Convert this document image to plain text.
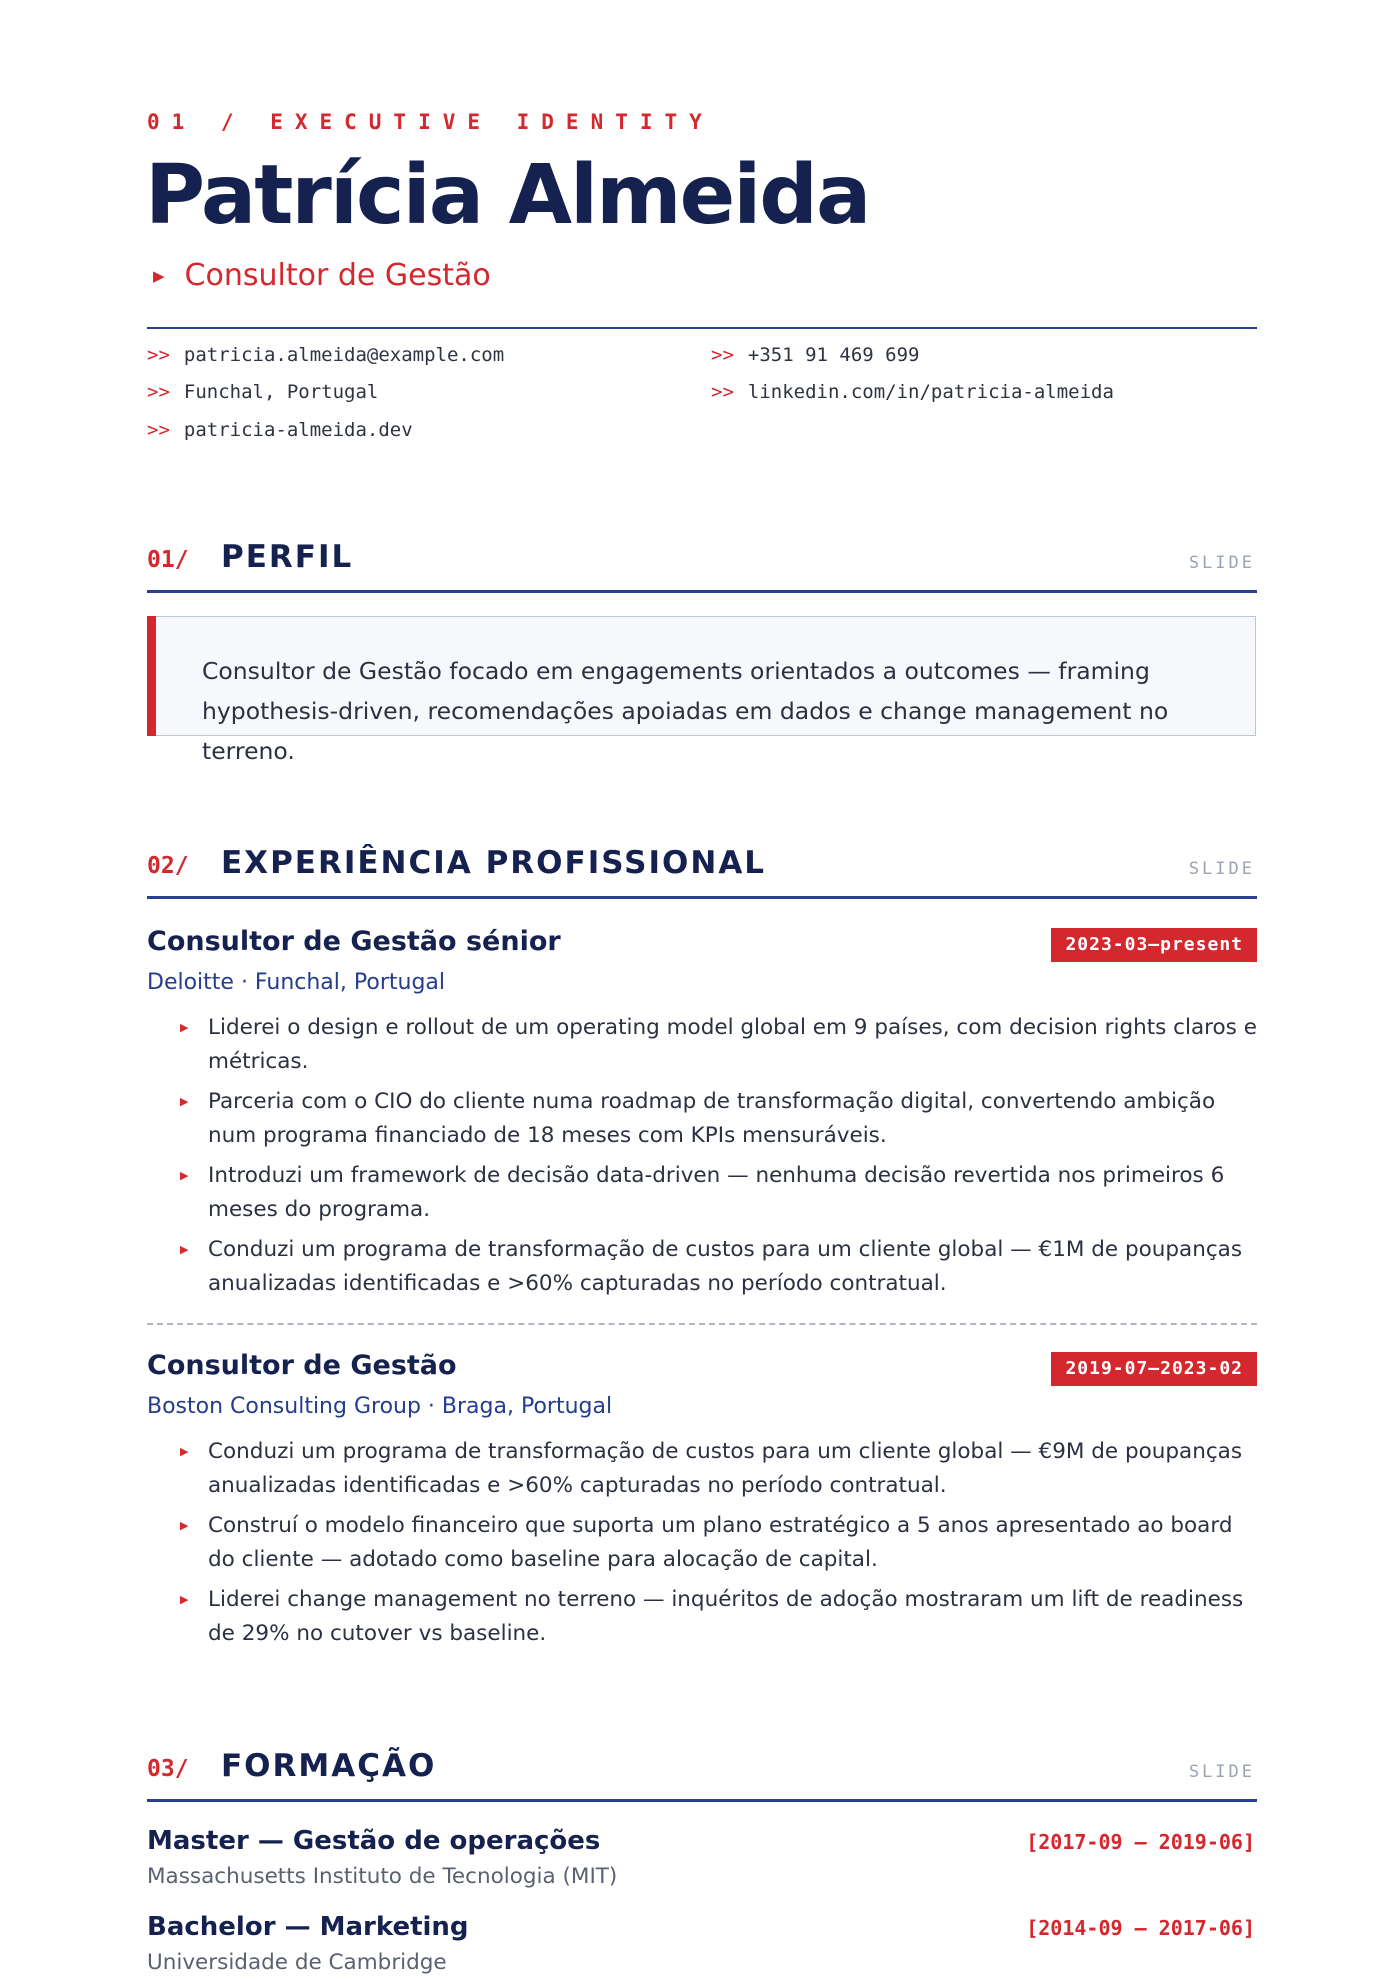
01 / EXECUTIVE IDENTITY
Patrícia Almeida
▶ Consultor de Gestão
>> patricia.almeida@example.com	>> +351 91 469 699
>> Funchal, Portugal	>> linkedin.com/in/patricia-almeida
>> patricia-almeida.dev
01/ PERFIL	SLIDE
Consultor de Gestão focado em engagements orientados a outcomes — framing hypothesis-driven, recomendações apoiadas em dados e change management no terreno.
02/ EXPERIÊNCIA PROFISSIONAL	SLIDE
Consultor de Gestão sénior	2023-03—present
Deloitte · Funchal, Portugal
▶ Liderei o design e rollout de um operating model global em 9 países, com decision rights claros e métricas.
▶ Parceria com o CIO do cliente numa roadmap de transformação digital, convertendo ambição num programa financiado de 18 meses com KPIs mensuráveis.
▶ Introduzi um framework de decisão data-driven — nenhuma decisão revertida nos primeiros 6 meses do programa.
▶ Conduzi um programa de transformação de custos para um cliente global — €1M de poupanças anualizadas identificadas e >60% capturadas no período contratual.
Consultor de Gestão	2019-07—2023-02
Boston Consulting Group · Braga, Portugal
▶ Conduzi um programa de transformação de custos para um cliente global — €9M de poupanças anualizadas identificadas e >60% capturadas no período contratual.
▶ Construí o modelo financeiro que suporta um plano estratégico a 5 anos apresentado ao board do cliente — adotado como baseline para alocação de capital.
▶ Liderei change management no terreno — inquéritos de adoção mostraram um lift de readiness de 29% no cutover vs baseline.
03/ FORMAÇÃO	SLIDE
Master — Gestão de operações	[2017-09 – 2019-06]
Massachusetts Instituto de Tecnologia (MIT)
Bachelor — Marketing	[2014-09 – 2017-06]
Universidade de Cambridge
